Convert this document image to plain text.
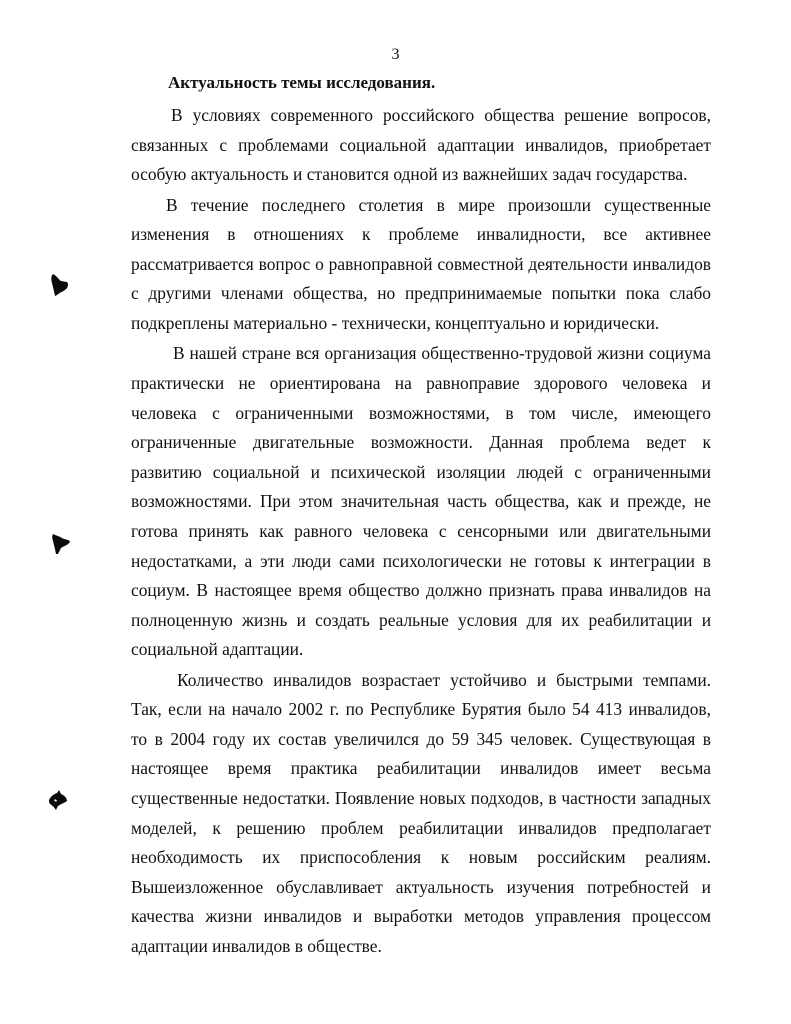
3
Актуальность темы исследования.
В условиях современного российского общества решение вопросов,
связанных с проблемами социальной адаптации инвалидов, приобретает
особую актуальность и становится одной из важнейших задач государства.
В течение последнего столетия в мире произошли существенные
изменения в отношениях к проблеме инвалидности, все активнее
рассматривается вопрос о равноправной совместной деятельности инвалидов
с другими членами общества, но предпринимаемые попытки пока слабо
подкреплены материально - технически, концептуально и юридически.
В нашей стране вся организация общественно-трудовой жизни социума
практически не ориентирована на равноправие здорового человека и
человека с ограниченными возможностями, в том числе, имеющего
ограниченные двигательные возможности. Данная проблема ведет к
развитию социальной и психической изоляции людей с ограниченными
возможностями. При этом значительная часть общества, как и прежде, не
готова принять как равного человека с сенсорными или двигательными
недостатками, а эти люди сами психологически не готовы к интеграции в
социум. В настоящее время общество должно признать права инвалидов на
полноценную жизнь и создать реальные условия для их реабилитации и
социальной адаптации.
Количество инвалидов возрастает устойчиво и быстрыми темпами.
Так, если на начало 2002 г. по Республике Бурятия было 54 413 инвалидов,
то в 2004 году их состав увеличился до 59 345 человек. Существующая в
настоящее время практика реабилитации инвалидов имеет весьма
существенные недостатки. Появление новых подходов, в частности западных
моделей, к решению проблем реабилитации инвалидов предполагает
необходимость их приспособления к новым российским реалиям.
Вышеизложенное обуславливает актуальность изучения потребностей и
качества жизни инвалидов и выработки методов управления процессом
адаптации инвалидов в обществе.
